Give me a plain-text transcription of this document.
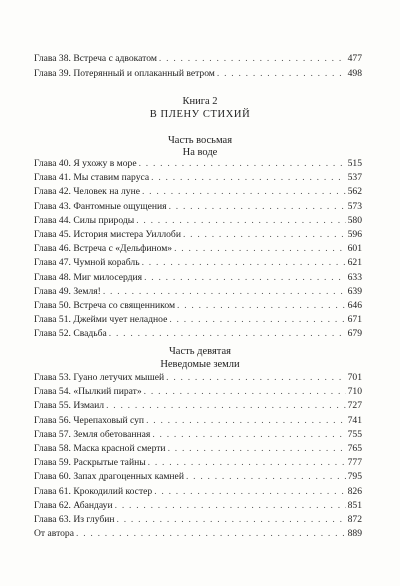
Глава 38. Встреча с адвокатом . . .	477
Глава 39. Потерянный и оплаканный ветром . . .	498
Книга 2
В ПЛЕНУ СТИХИЙ
Часть восьмая
На воде
Глава 40. Я ухожу в море . . .	515
Глава 41. Мы ставим паруса . . .	537
Глава 42. Человек на луне . . .	562
Глава 43. Фантомные ощущения . . .	573
Глава 44. Силы природы . . .	580
Глава 45. История мистера Уиллоби . . .	596
Глава 46. Встреча с «Дельфином» . . .	601
Глава 47. Чумной корабль . . .	621
Глава 48. Миг милосердия . . .	633
Глава 49. Земля! . . .	639
Глава 50. Встреча со священником . . .	646
Глава 51. Джейми чует неладное . . .	671
Глава 52. Свадьба . . .	679
Часть девятая
Неведомые земли
Глава 53. Гуано летучих мышей . . .	701
Глава 54. «Пылкий пират» . . .	710
Глава 55. Измаил . . .	727
Глава 56. Черепаховый суп . . .	741
Глава 57. Земля обетованная . . .	755
Глава 58. Маска красной смерти . . .	765
Глава 59. Раскрытые тайны . . .	777
Глава 60. Запах драгоценных камней . . .	795
Глава 61. Крокодилий костер . . .	826
Глава 62. Абандауи . . .	851
Глава 63. Из глубин . . .	872
От автора . . .	889
